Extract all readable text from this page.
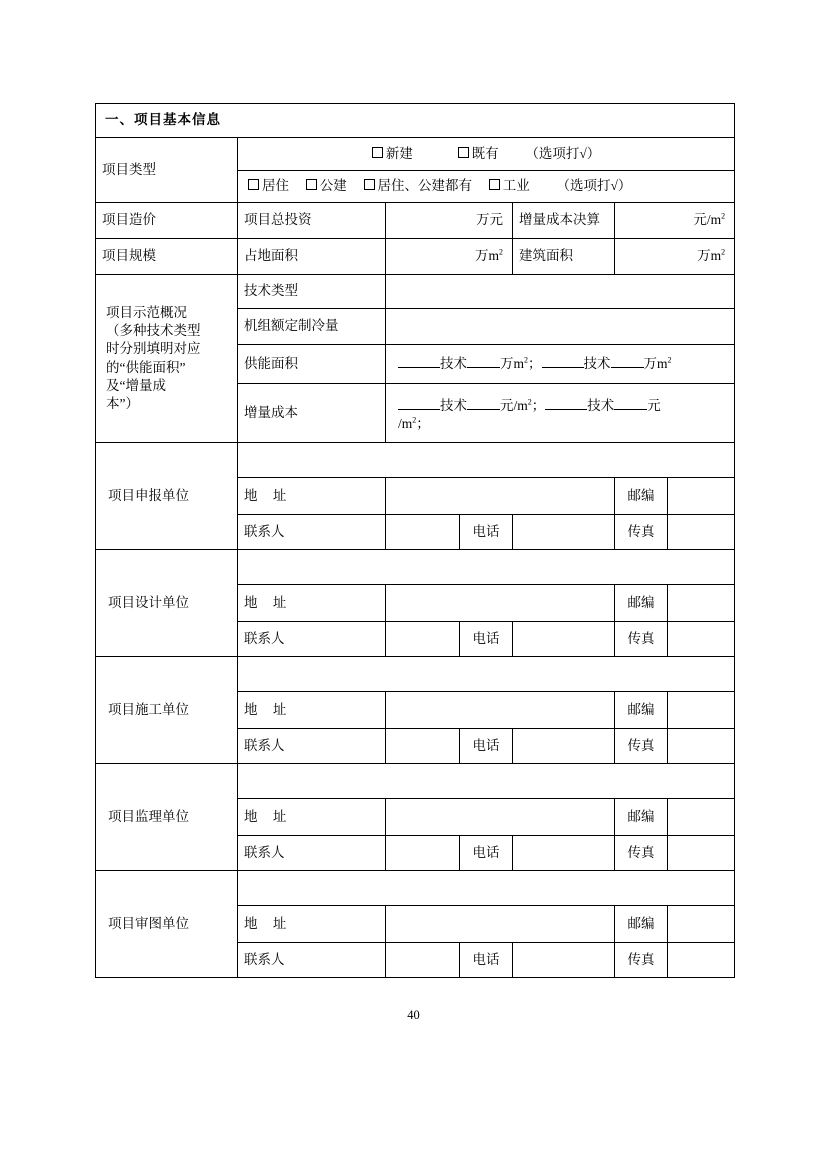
一、项目基本信息						
项目类型	新建 既有 （选项打√）					
	居住 公建 居住、公建都有 工业 （选项打√）					
项目造价	项目总投资	万元		增量成本决算	元$/m^2$
项目规模	占地面积	万$m^2$		建筑面积	万$m^2$

项目示范概况
（多种技术类型
时分别填明对应
的“供能面积”
及“增量成
本”）
	技术类型	
	机组额定制冷量					
	供能面积	技术 万$m^2$； 技术 万$m^2$
	增量成本	技术 元$/m^2$； 技术 元
$/m^2$；				
项目申报单位						
	地 址				邮编	
	联系人		电话		传真	
项目设计单位						
	地 址				邮编	
	联系人		电话		传真	
项目施工单位						
	地 址				邮编	
	联系人		电话		传真	
项目监理单位						
	地 址				邮编	
	联系人		电话		传真	
项目审图单位						
	地 址				邮编	
	联系人		电话		传真	
40
